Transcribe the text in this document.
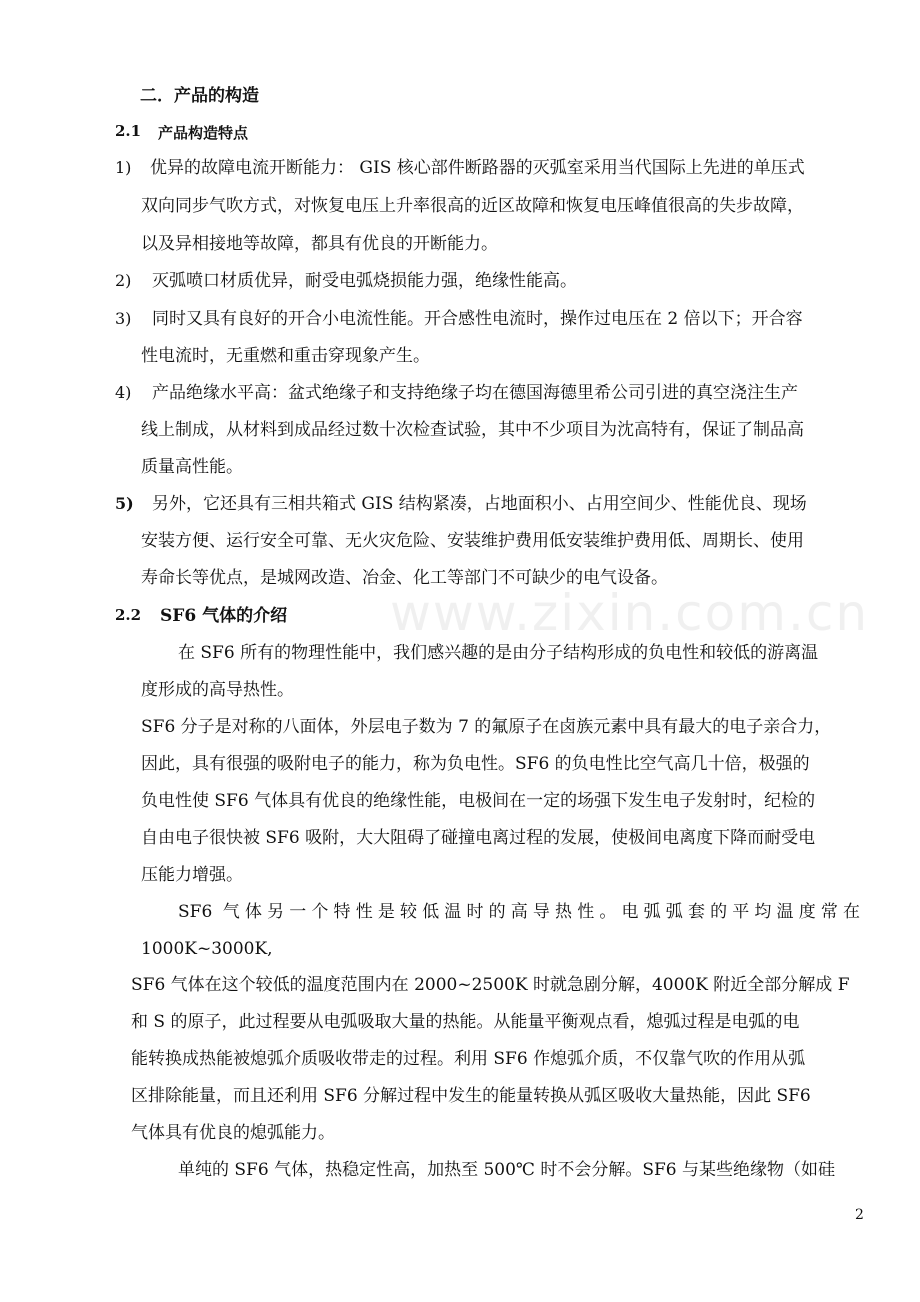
www.zixin.com.cn
二．产品的构造
2.1 产品构造特点
1) 优异的故障电流开断能力： GIS 核心部件断路器的灭弧室采用当代国际上先进的单压式
双向同步气吹方式，对恢复电压上升率很高的近区故障和恢复电压峰值很高的失步故障，
以及异相接地等故障，都具有优良的开断能力。
2) 灭弧喷口材质优异，耐受电弧烧损能力强，绝缘性能高。
3) 同时又具有良好的开合小电流性能。开合感性电流时，操作过电压在 2 倍以下；开合容
性电流时，无重燃和重击穿现象产生。
4) 产品绝缘水平高：盆式绝缘子和支持绝缘子均在德国海德里希公司引进的真空浇注生产
线上制成，从材料到成品经过数十次检查试验，其中不少项目为沈高特有，保证了制品高
质量高性能。
5) 另外，它还具有三相共箱式 GIS 结构紧凑，占地面积小、占用空间少、性能优良、现场
安装方便、运行安全可靠、无火灾危险、安装维护费用低安装维护费用低、周期长、使用
寿命长等优点，是城网改造、冶金、化工等部门不可缺少的电气设备。
2.2 SF6 气体的介绍
在 SF6 所有的物理性能中，我们感兴趣的是由分子结构形成的负电性和较低的游离温
度形成的高导热性。
SF6 分子是对称的八面体，外层电子数为 7 的氟原子在卤族元素中具有最大的电子亲合力，
因此，具有很强的吸附电子的能力，称为负电性。SF6 的负电性比空气高几十倍，极强的
负电性使 SF6 气体具有优良的绝缘性能，电极间在一定的场强下发生电子发射时，纪检的
自由电子很快被 SF6 吸附，大大阻碍了碰撞电离过程的发展，使极间电离度下降而耐受电
压能力增强。
SF6 气体另一个特性是较低温时的高导热性。电弧弧套的平均温度常在
1000K~3000K,
SF6 气体在这个较低的温度范围内在 2000~2500K 时就急剧分解，4000K 附近全部分解成 F
和 S 的原子，此过程要从电弧吸取大量的热能。从能量平衡观点看，熄弧过程是电弧的电
能转换成热能被熄弧介质吸收带走的过程。利用 SF6 作熄弧介质，不仅靠气吹的作用从弧
区排除能量，而且还利用 SF6 分解过程中发生的能量转换从弧区吸收大量热能，因此 SF6
气体具有优良的熄弧能力。
单纯的 SF6 气体，热稳定性高，加热至 500℃ 时不会分解。SF6 与某些绝缘物（如硅
2
